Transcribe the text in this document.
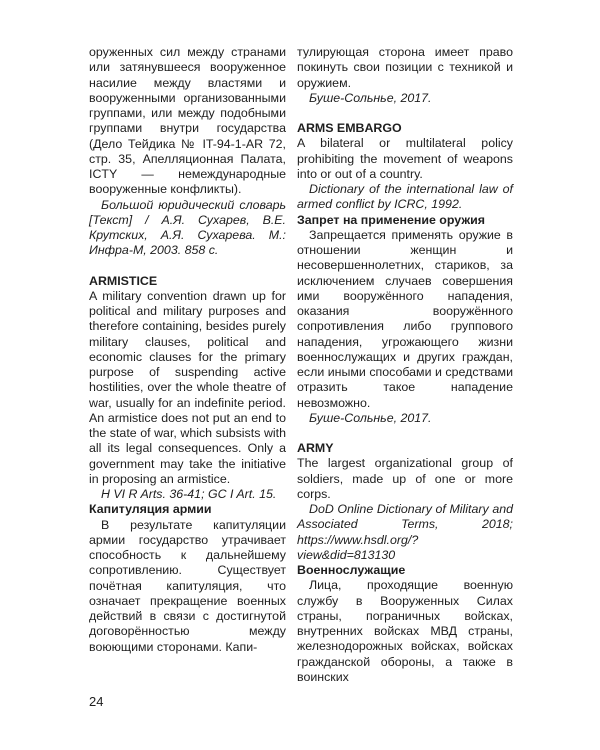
оруженных сил между странами или затянувшееся вооруженное насилие между властями и вооруженными организованными группами, или между подобными группами внутри государства (Дело Тейдика № IT-94-1-AR 72, стр. 35, Апелляционная Палата, ICTY — немеждународные вооруженные конфликты).

Большой юридический словарь [Текст] / А.Я. Сухарев, В.Е. Крутских, А.Я. Сухарева. М.: Инфра-М, 2003. 858 с.

ARMISTICE

A military convention drawn up for political and military purposes and therefore containing, besides purely military clauses, political and economic clauses for the primary purpose of suspending active hostilities, over the whole theatre of war, usually for an indefinite period. An armistice does not put an end to the state of war, which subsists with all its legal consequences. Only a government may take the initiative in proposing an armistice.

H VI R Arts. 36-41; GC I Art. 15.

Капитуляция армии

В результате капитуляции армии государство утрачивает способность к дальнейшему сопротивлению. Существует почётная капитуляция, что означает прекращение военных действий в связи с достигнутой договорённостью между воюющими сторонами. Капи-

тулирующая сторона имеет право покинуть свои позиции с техникой и оружием.

Буше-Сольнье, 2017.

ARMS EMBARGO

A bilateral or multilateral policy prohibiting the movement of weapons into or out of a country.

Dictionary of the international law of armed conflict by ICRC, 1992.

Запрет на применение оружия

Запрещается применять оружие в отношении женщин и несовершеннолетних, стариков, за исключением случаев совершения ими вооружённого нападения, оказания вооружённого сопротивления либо группового нападения, угрожающего жизни военнослужащих и других граждан, если иными способами и средствами отразить такое нападение невозможно.

Буше-Сольнье, 2017.

ARMY

The largest organizational group of soldiers, made up of one or more corps.

DoD Online Dictionary of Military and Associated Terms, 2018; https://www.hsdl.org/?view&did=813130

Военнослужащие

Лица, проходящие военную службу в Вооруженных Силах страны, пограничных войсках, внутренних войсках МВД страны, железнодорожных войсках, войсках гражданской обороны, а также в воинских

24
